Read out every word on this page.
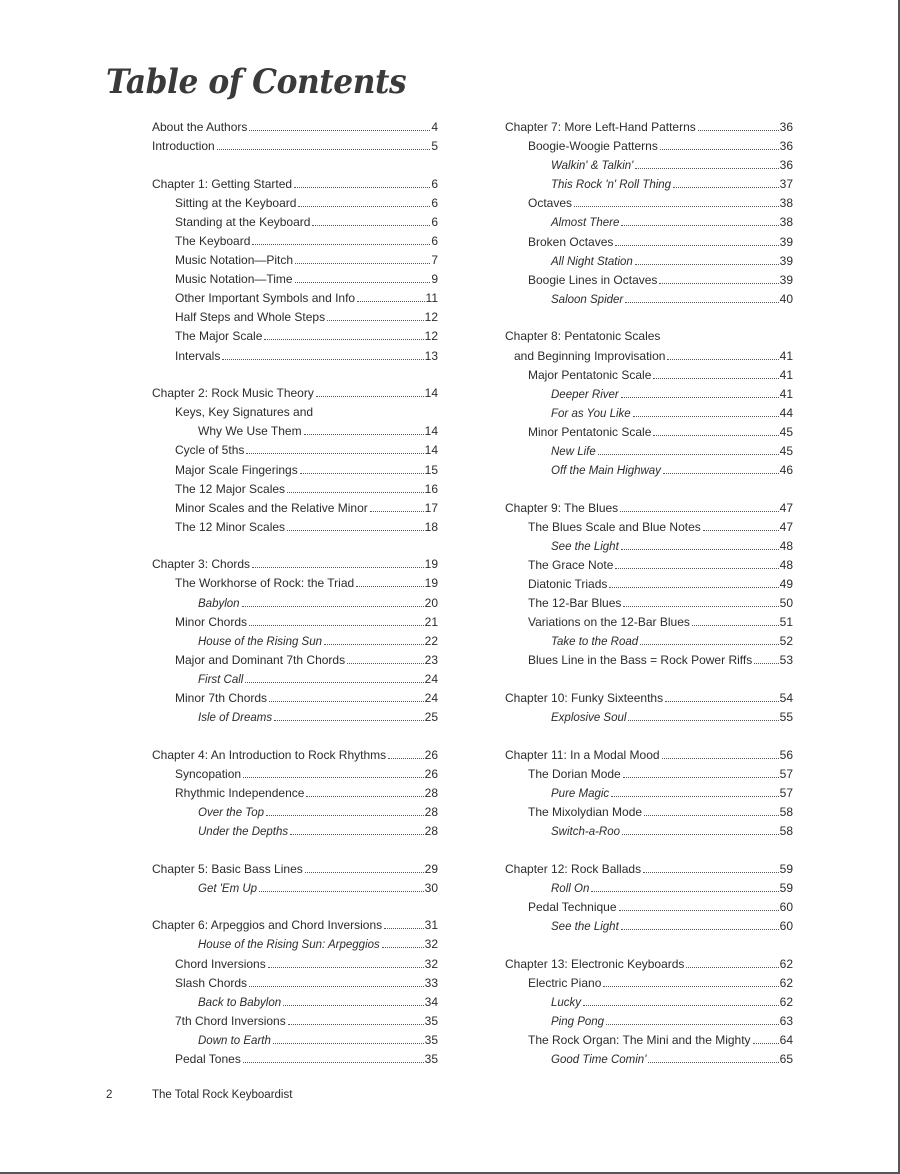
Table of Contents
About the Authors	4
Introduction	5
Chapter 1: Getting Started	6
Sitting at the Keyboard	6
Standing at the Keyboard	6
The Keyboard	6
Music Notation—Pitch	7
Music Notation—Time	9
Other Important Symbols and Info	11
Half Steps and Whole Steps	12
The Major Scale	12
Intervals	13
Chapter 2: Rock Music Theory	14
Keys, Key Signatures and
Why We Use Them	14
Cycle of 5ths	14
Major Scale Fingerings	15
The 12 Major Scales	16
Minor Scales and the Relative Minor	17
The 12 Minor Scales	18
Chapter 3: Chords	19
The Workhorse of Rock: the Triad	19
Babylon	20
Minor Chords	21
House of the Rising Sun	22
Major and Dominant 7th Chords	23
First Call	24
Minor 7th Chords	24
Isle of Dreams	25
Chapter 4: An Introduction to Rock Rhythms	26
Syncopation	26
Rhythmic Independence	28
Over the Top	28
Under the Depths	28
Chapter 5: Basic Bass Lines	29
Get 'Em Up	30
Chapter 6: Arpeggios and Chord Inversions	31
House of the Rising Sun: Arpeggios	32
Chord Inversions	32
Slash Chords	33
Back to Babylon	34
7th Chord Inversions	35
Down to Earth	35
Pedal Tones	35
Chapter 7: More Left-Hand Patterns	36
Boogie-Woogie Patterns	36
Walkin' & Talkin'	36
This Rock 'n' Roll Thing	37
Octaves	38
Almost There	38
Broken Octaves	39
All Night Station	39
Boogie Lines in Octaves	39
Saloon Spider	40
Chapter 8: Pentatonic Scales
and Beginning Improvisation	41
Major Pentatonic Scale	41
Deeper River	41
For as You Like	44
Minor Pentatonic Scale	45
New Life	45
Off the Main Highway	46
Chapter 9: The Blues	47
The Blues Scale and Blue Notes	47
See the Light	48
The Grace Note	48
Diatonic Triads	49
The 12-Bar Blues	50
Variations on the 12-Bar Blues	51
Take to the Road	52
Blues Line in the Bass = Rock Power Riffs 53
Chapter 10: Funky Sixteenths	54
Explosive Soul	55
Chapter 11: In a Modal Mood	56
The Dorian Mode	57
Pure Magic	57
The Mixolydian Mode	58
Switch-a-Roo	58
Chapter 12: Rock Ballads	59
Roll On	59
Pedal Technique	60
See the Light	60
Chapter 13: Electronic Keyboards	62
Electric Piano	62
Lucky	62
Ping Pong	63
The Rock Organ: The Mini and the Mighty 64
Good Time Comin'	65
2	The Total Rock Keyboardist
